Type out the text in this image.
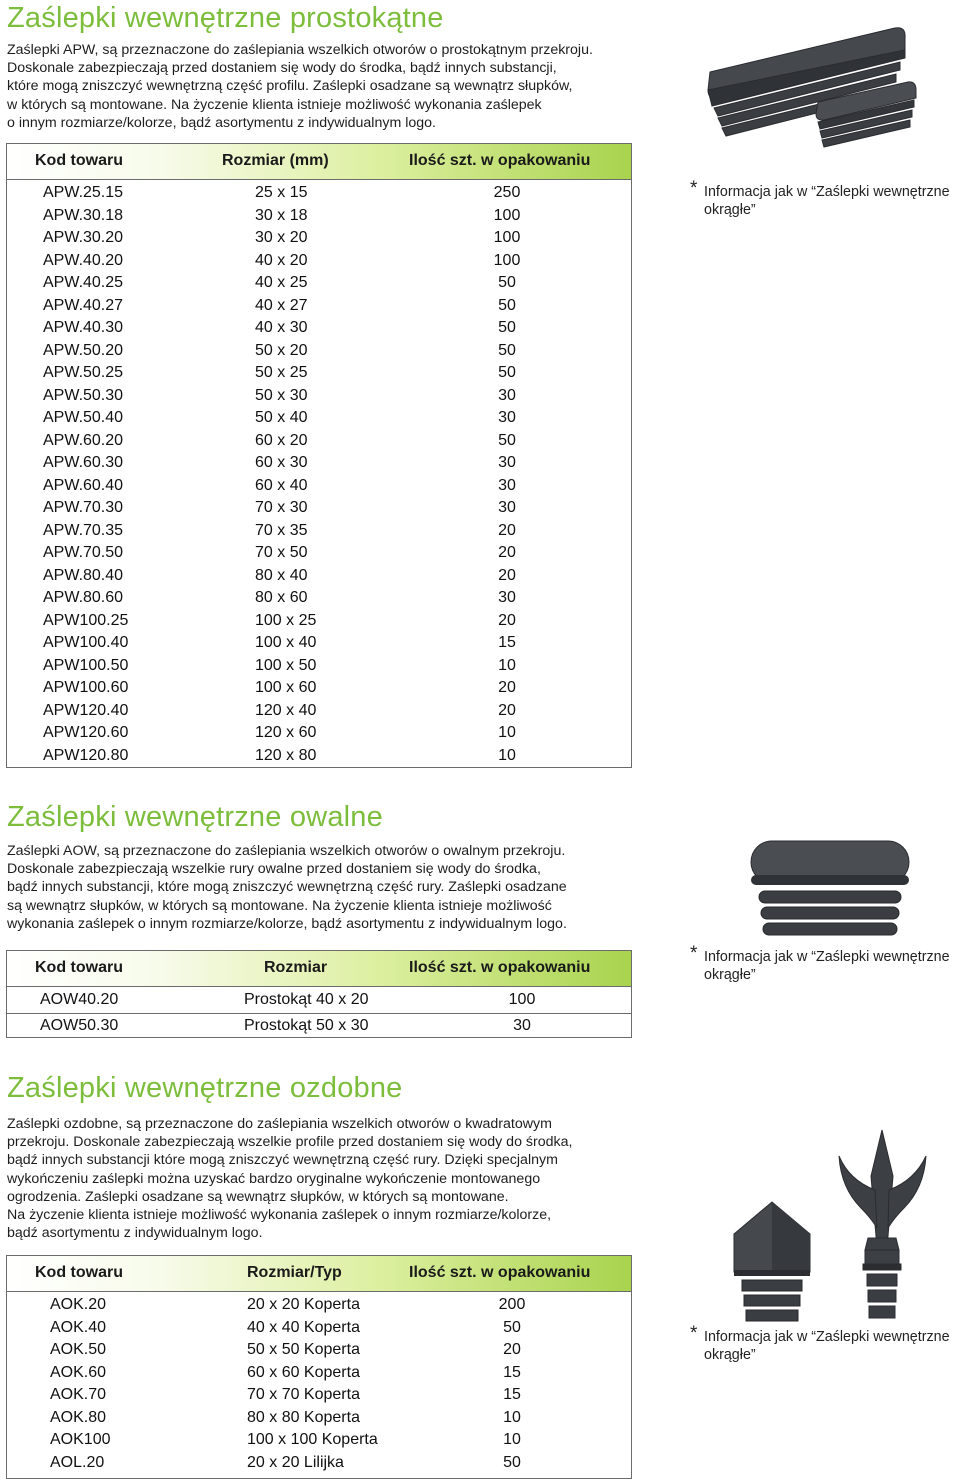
Zaślepki wewnętrzne prostokątne

Zaślepki APW, są przeznaczone do zaślepiania wszelkich otworów o prostokątnym przekroju.
Doskonale zabezpieczają przed dostaniem się wody do środka, bądź innych substancji,
które mogą zniszczyć wewnętrzną część profilu. Zaślepki osadzane są wewnątrz słupków,
w których są montowane. Na życzenie klienta istnieje możliwość wykonania zaślepek
o innym rozmiarze/kolorze, bądź asortymentu z indywidualnym logo.

Kod towaru	Rozmiar (mm)	Ilość szt. w opakowaniu
APW.25.15	25 x 15	250
APW.30.18	30 x 18	100
APW.30.20	30 x 20	100
APW.40.20	40 x 20	100
APW.40.25	40 x 25	50
APW.40.27	40 x 27	50
APW.40.30	40 x 30	50
APW.50.20	50 x 20	50
APW.50.25	50 x 25	50
APW.50.30	50 x 30	30
APW.50.40	50 x 40	30
APW.60.20	60 x 20	50
APW.60.30	60 x 30	30
APW.60.40	60 x 40	30
APW.70.30	70 x 30	30
APW.70.35	70 x 35	20
APW.70.50	70 x 50	20
APW.80.40	80 x 40	20
APW.80.60	80 x 60	30
APW100.25	100 x 25	20
APW100.40	100 x 40	15
APW100.50	100 x 50	10
APW100.60	100 x 60	20
APW120.40	120 x 40	20
APW120.60	120 x 60	10
APW120.80	120 x 80	10
* Informacja jak w “Zaślepki wewnętrzne
okrągłe”
Zaślepki wewnętrzne owalne

Zaślepki AOW, są przeznaczone do zaślepiania wszelkich otworów o owalnym przekroju.
Doskonale zabezpieczają wszelkie rury owalne przed dostaniem się wody do środka,
bądź innych substancji, które mogą zniszczyć wewnętrzną część rury. Zaślepki osadzane
są wewnątrz słupków, w których są montowane. Na życzenie klienta istnieje możliwość
wykonania zaślepek o innym rozmiarze/kolorze, bądź asortymentu z indywidualnym logo.

Kod towaru	Rozmiar	Ilość szt. w opakowaniu
AOW40.20	Prostokąt 40 x 20	100
AOW50.30	Prostokąt 50 x 30	30
* Informacja jak w “Zaślepki wewnętrzne
okrągłe”
Zaślepki wewnętrzne ozdobne

Zaślepki ozdobne, są przeznaczone do zaślepiania wszelkich otworów o kwadratowym
przekroju. Doskonale zabezpieczają wszelkie profile przed dostaniem się wody do środka,
bądź innych substancji które mogą zniszczyć wewnętrzną część rury. Dzięki specjalnym
wykończeniu zaślepki można uzyskać bardzo oryginalne wykończenie montowanego
ogrodzenia. Zaślepki osadzane są wewnątrz słupków, w których są montowane.
Na życzenie klienta istnieje możliwość wykonania zaślepek o innym rozmiarze/kolorze,
bądź asortymentu z indywidualnym logo.

Kod towaru	Rozmiar/Typ	Ilość szt. w opakowaniu
AOK.20	20 x 20 Koperta	200
AOK.40	40 x 40 Koperta	50
AOK.50	50 x 50 Koperta	20
AOK.60	60 x 60 Koperta	15
AOK.70	70 x 70 Koperta	15
AOK.80	80 x 80 Koperta	10
AOK100	100 x 100 Koperta	10
AOL.20	20 x 20 Lilijka	50
* Informacja jak w “Zaślepki wewnętrzne
okrągłe”
